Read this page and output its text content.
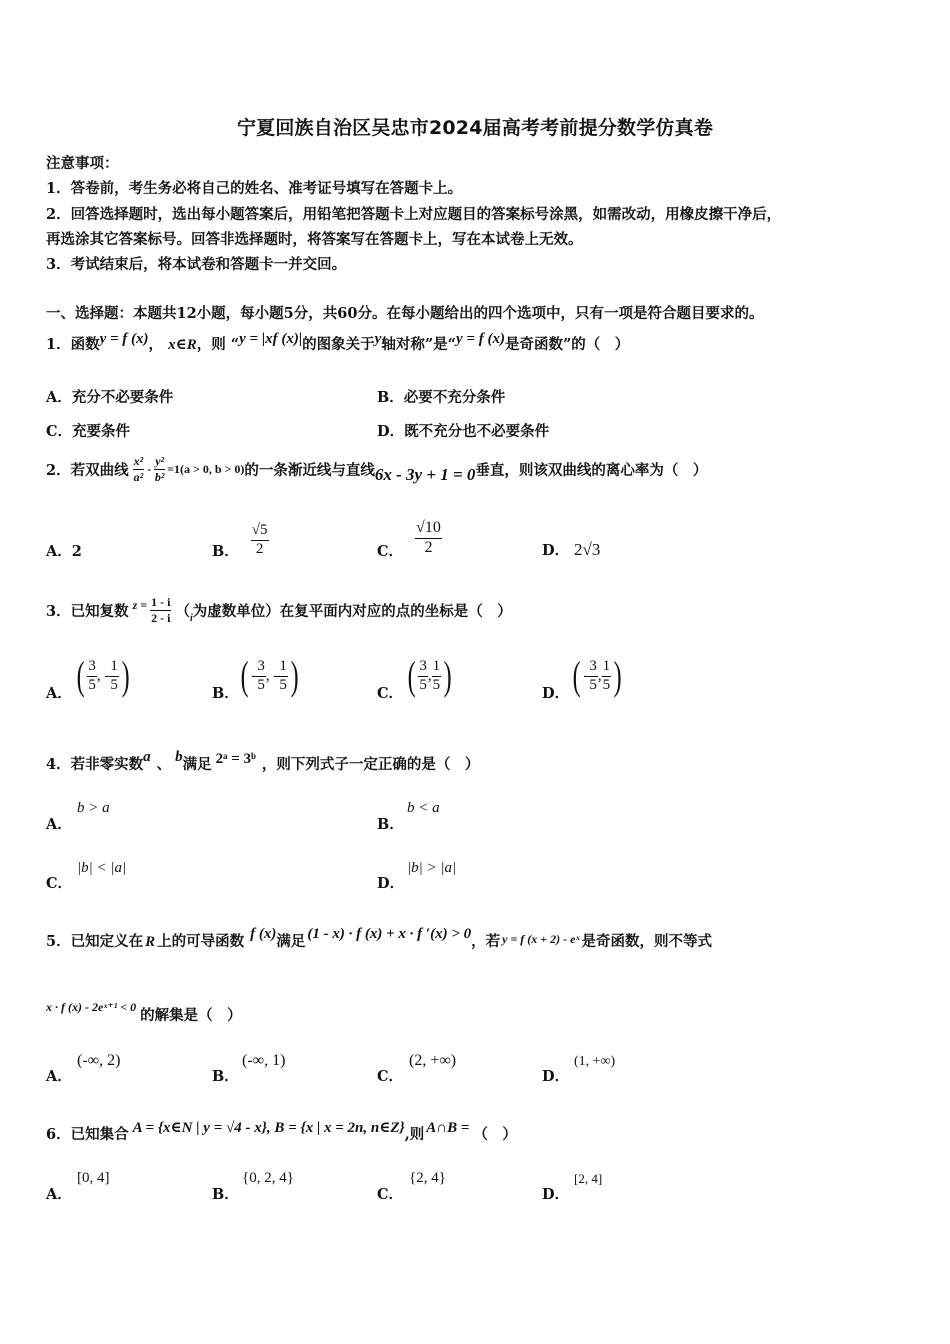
宁夏回族自治区吴忠市2024届高考考前提分数学仿真卷
注意事项：
1．答卷前，考生务必将自己的姓名、准考证号填写在答题卡上。
2．回答选择题时，选出每小题答案后，用铅笔把答题卡上对应题目的答案标号涂黑，如需改动，用橡皮擦干净后，
再选涂其它答案标号。回答非选择题时，将答案写在答题卡上，写在本试卷上无效。
3．考试结束后，将本试卷和答题卡一并交回。
一、选择题：本题共12小题，每小题5分，共60分。在每小题给出的四个选项中，只有一项是符合题目要求的。
1．函数y = f (x)， x∈R，则 “y = |xf (x)|的图象关于y轴对称”是“y = f (x)是奇函数”的（　）
A．充分不必要条件	B．必要不充分条件
C．充要条件	D．既不充分也不必要条件
2．若双曲线 $\frac{\text{x²}}{\text{a²}} - \frac{\text{y²}}{\text{b²}} =1(a > 0$, b > 0) 的一条渐近线与直线 6x - 3y + 1 = 0 垂直，则该双曲线的离心率为（　）
A．2	B． $\frac{√5}{2}$	C． $\frac{√10}{2}$	D． 2√3
3．已知复数 $z = \frac{1 - i}{2 - i}$ （ i 为虚数单位）在复平面内对应的点的坐标是（　）
A． ( $\frac{3}{5}$ , - $\frac{1}{5}$ )	B． ( - $\frac{3}{5}$ , - $\frac{1}{5}$ )	C． ( $\frac{3}{5}$ , $\frac{1}{5}$ )	D． ( - $\frac{3}{5}$ , $\frac{1}{5}$ )
4．若非零实数a 、 b满足 2ᵃ = 3ᵇ ，则下列式子一定正确的是（　）
A．
b > a
B．
b < a
C．
|b| < |a|
D．
|b| > |a|
5．已知定义在 R 上的可导函数 f (x)满足 (1 - x) · f (x) + x · f ′(x) > 0，若 $^{y = f (x + 2) - eˣ}$ 是奇函数，则不等式
$^{x \cdot f (x) - 2eˣ^{+1} < 0}$ 的解集是（　）
A．
(-∞, 2)
B．
(-∞, 1)
C．
(2, +∞)
D．
(1, +∞)
6．已知集合 A = {x∈N | y = √4 - x}, B = {x | x = 2n, n∈Z},则 A∩B = （　）
A．
[0, 4]
B．
{0, 2, 4}
C．
{2, 4}
D．
[2, 4]
